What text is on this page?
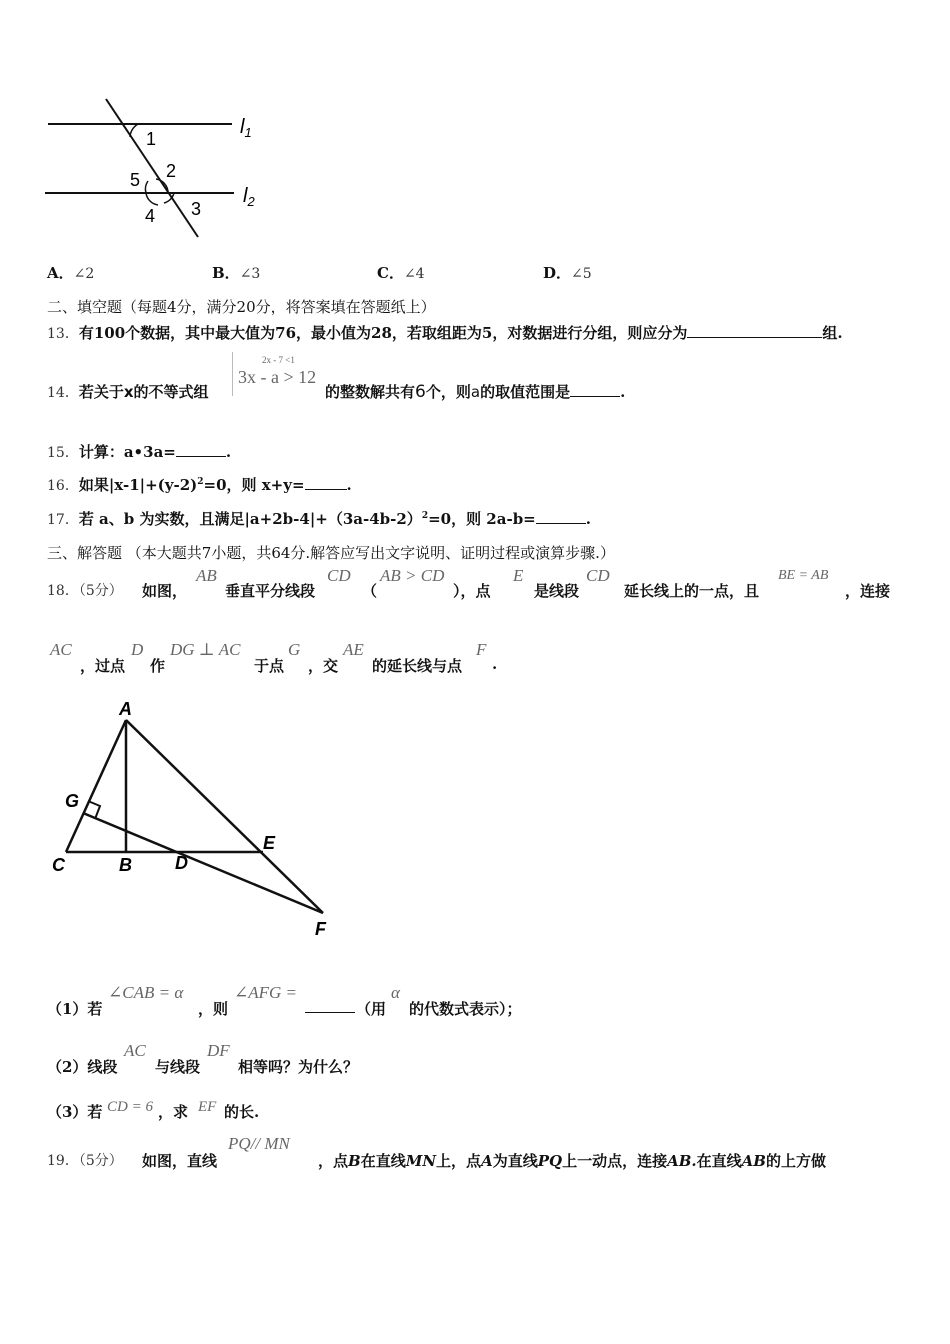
1
2
3
4
5
$l_1$
$l_2$
A．∠2	B．∠3	C．∠4	D．∠5
二、填空题（每题4分，满分20分，将答案填在答题纸上）
13．有100个数据，其中最大值为76，最小值为28，若取组距为5，对数据进行分组，则应分为	组.
14．若关于x的不等式组
2x - 7 <1
3x - a > 12
的整数解共有6个，则a的取值范围是	.
15．计算：a•3a=	.
16．如果$|x-1|+(y-2)^2=0$，则 x+y=	.
17．若 a、b 为实数，且满足$|a+2b-4|+(3a-4b-2)^2=0$，则 2a-b=	.
三、解答题 （本大题共7小题，共64分.解答应写出文字说明、证明过程或演算步骤.）
18．（5分） 如图，
AB
垂直平分线段
CD
（
AB > CD
），点
E
是线段
CD
延长线上的一点，且
BE = AB
，连接
AC
，过点
D
作
DG ⊥ AC
于点
G
，交
AE
的延长线与点
F
.
A
G
C	B D
E
F
（1）若
∠CAB = α
，则
∠AFG =
（用
α
的代数式表示）；
（2）线段
AC
与线段
DF
相等吗？为什么？
（3）若 CD = 6 ，求 EF 的长.
19．（5分） 如图，直线
PQ// MN
，点B在直线MN上，点A为直线PQ上一动点，连接AB.在直线AB的上方做
